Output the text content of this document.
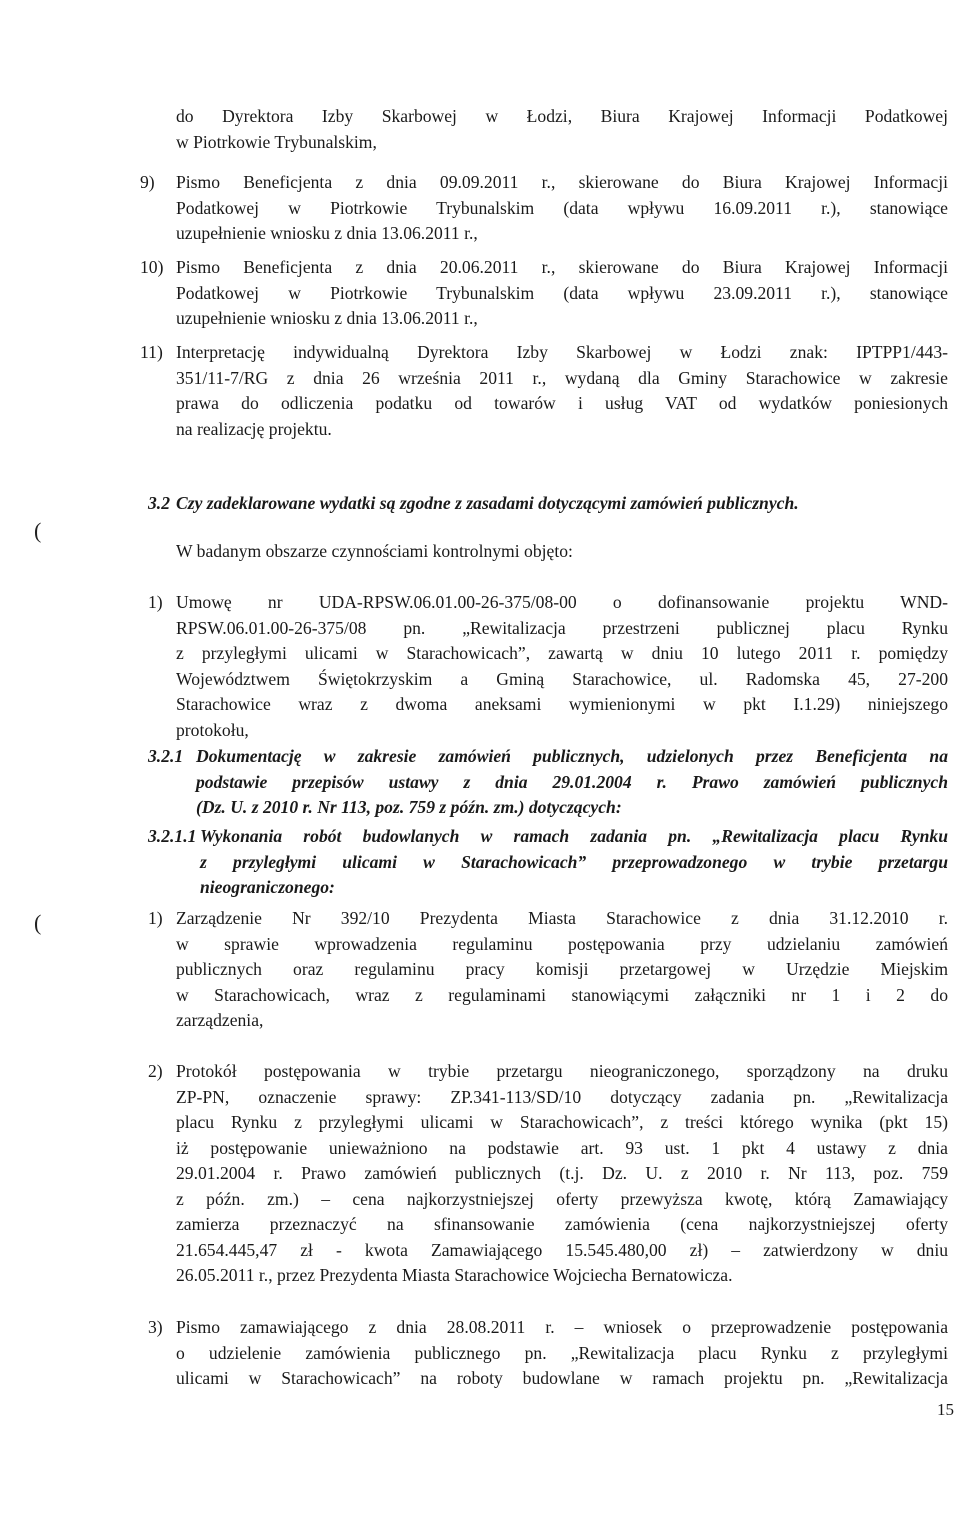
do Dyrektora Izby Skarbowej w Łodzi, Biura Krajowej Informacji Podatkowej
w Piotrkowie Trybunalskim,
9) Pismo Beneficjenta z dnia 09.09.2011 r., skierowane do Biura Krajowej Informacji
Podatkowej w Piotrkowie Trybunalskim (data wpływu 16.09.2011 r.), stanowiące
uzupełnienie wniosku z dnia 13.06.2011 r.,
10) Pismo Beneficjenta z dnia 20.06.2011 r., skierowane do Biura Krajowej Informacji
Podatkowej w Piotrkowie Trybunalskim (data wpływu 23.09.2011 r.), stanowiące
uzupełnienie wniosku z dnia 13.06.2011 r.,
11) Interpretację indywidualną Dyrektora Izby Skarbowej w Łodzi znak: IPTPP1/443-
351/11-7/RG z dnia 26 września 2011 r., wydaną dla Gminy Starachowice w zakresie
prawa do odliczenia podatku od towarów i usług VAT od wydatków poniesionych
na realizację projektu.
(
3.2 Czy zadeklarowane wydatki są zgodne z zasadami dotyczącymi zamówień publicznych.
W badanym obszarze czynnościami kontrolnymi objęto:
1) Umowę nr UDA-RPSW.06.01.00-26-375/08-00 o dofinansowanie projektu WND-
RPSW.06.01.00-26-375/08 pn. „Rewitalizacja przestrzeni publicznej placu Rynku
z przyległymi ulicami w Starachowicach”, zawartą w dniu 10 lutego 2011 r. pomiędzy
Województwem Świętokrzyskim a Gminą Starachowice, ul. Radomska 45, 27-200
Starachowice wraz z dwoma aneksami wymienionymi w pkt I.1.29) niniejszego
protokołu,
3.2.1 Dokumentację w zakresie zamówień publicznych, udzielonych przez Beneficjenta na
podstawie przepisów ustawy z dnia 29.01.2004 r. Prawo zamówień publicznych
(Dz. U. z 2010 r. Nr 113, poz. 759 z późn. zm.) dotyczących:
3.2.1.1 Wykonania robót budowlanych w ramach zadania pn. „Rewitalizacja placu Rynku
z przyległymi ulicami w Starachowicach” przeprowadzonego w trybie przetargu
nieograniczonego:
(	1) Zarządzenie Nr 392/10 Prezydenta Miasta Starachowice z dnia 31.12.2010 r.
w sprawie wprowadzenia regulaminu postępowania przy udzielaniu zamówień
publicznych oraz regulaminu pracy komisji przetargowej w Urzędzie Miejskim
w Starachowicach, wraz z regulaminami stanowiącymi załączniki nr 1 i 2 do
zarządzenia,
2) Protokół postępowania w trybie przetargu nieograniczonego, sporządzony na druku
ZP-PN, oznaczenie sprawy: ZP.341-113/SD/10 dotyczący zadania pn. „Rewitalizacja
placu Rynku z przyległymi ulicami w Starachowicach”, z treści którego wynika (pkt 15)
iż postępowanie unieważniono na podstawie art. 93 ust. 1 pkt 4 ustawy z dnia
29.01.2004 r. Prawo zamówień publicznych (t.j. Dz. U. z 2010 r. Nr 113, poz. 759
z późn. zm.) – cena najkorzystniejszej oferty przewyższa kwotę, którą Zamawiający
zamierza przeznaczyć na sfinansowanie zamówienia (cena najkorzystniejszej oferty
21.654.445,47 zł - kwota Zamawiającego 15.545.480,00 zł) – zatwierdzony w dniu
26.05.2011 r., przez Prezydenta Miasta Starachowice Wojciecha Bernatowicza.
3) Pismo zamawiającego z dnia 28.08.2011 r. – wniosek o przeprowadzenie postępowania
o udzielenie zamówienia publicznego pn. „Rewitalizacja placu Rynku z przyległymi
ulicami w Starachowicach” na roboty budowlane w ramach projektu pn. „Rewitalizacja
15
